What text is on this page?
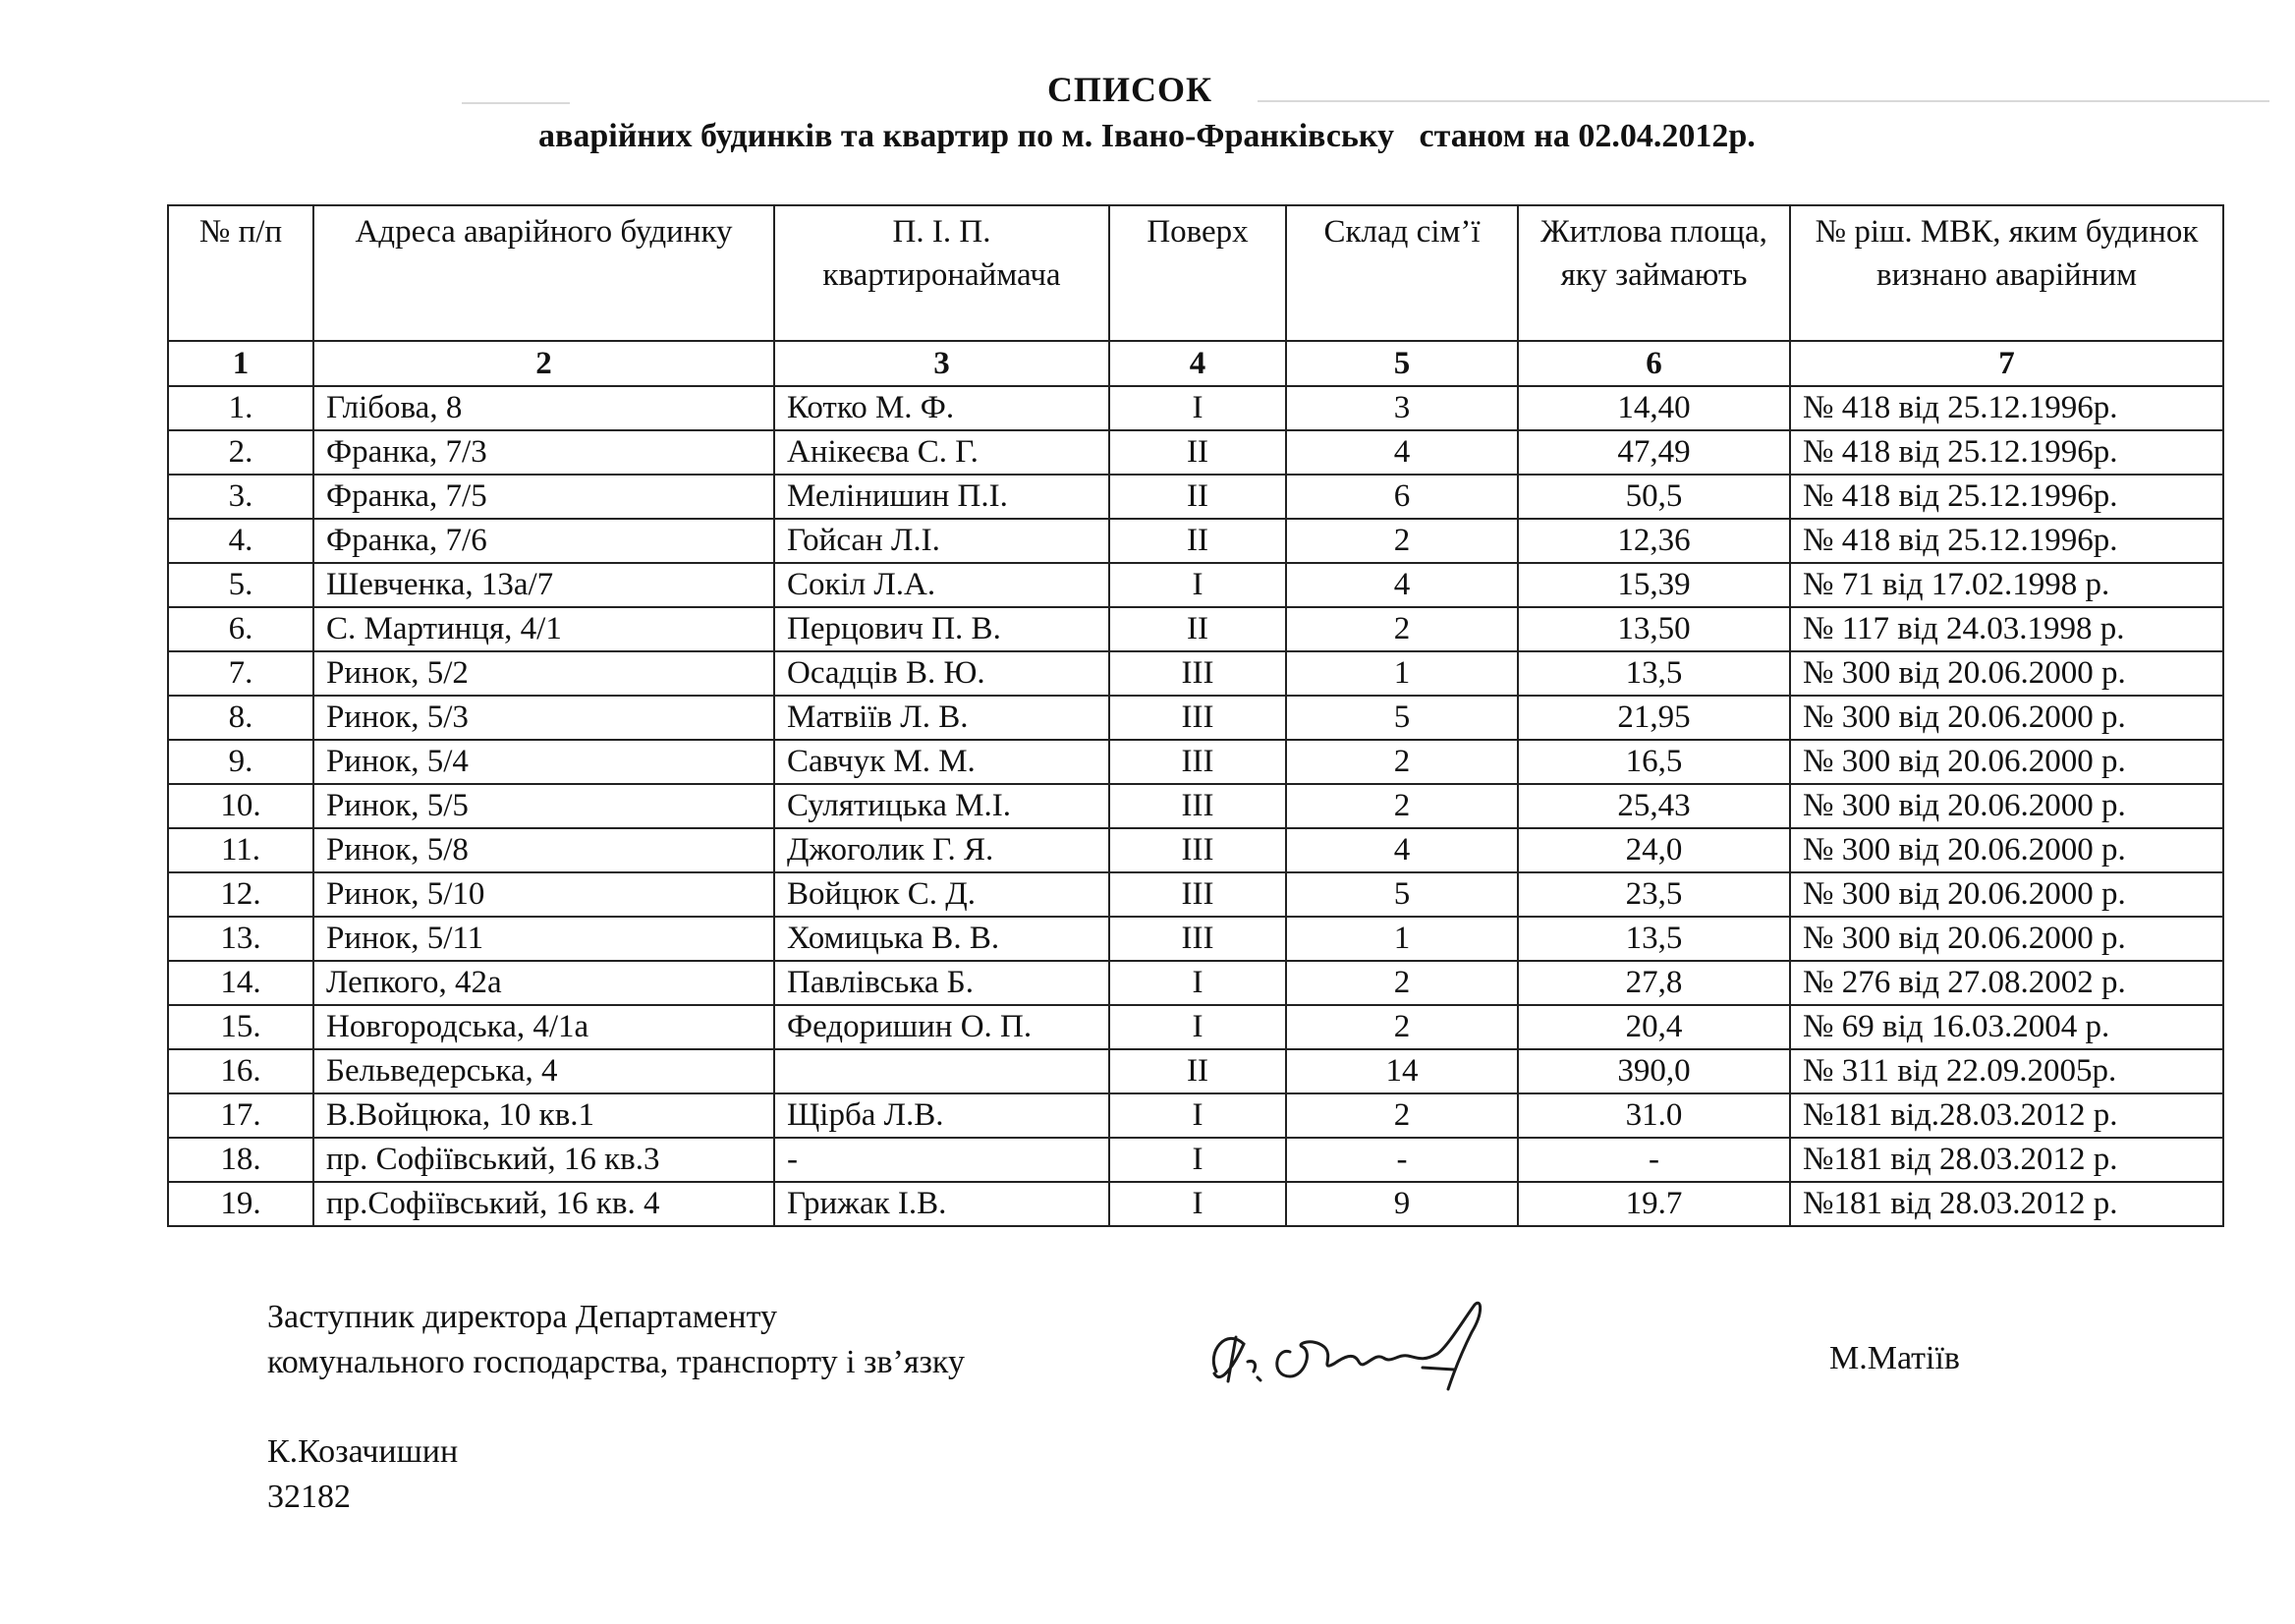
СПИСОК
аварійних будинків та квартир по м. Івано-Франківську   станом на 02.04.2012р.
№ п/п	Адреса аварійного будинку	П. І. П. квартиронаймача	Поверх	Склад сім’ї	Житлова площа, яку займають	№ ріш. МВК, яким будинок визнано аварійним
1	2	3	4	5	6	7
1.	Глібова, 8	Котко М. Ф.	I	3	14,40	№ 418 від 25.12.1996р.
2.	Франка, 7/3	Анікеєва С. Г.	II	4	47,49	№ 418 від 25.12.1996р.
3.	Франка, 7/5	Мелінишин П.І.	II	6	50,5	№ 418 від 25.12.1996р.
4.	Франка, 7/6	Гойсан Л.І.	II	2	12,36	№ 418 від 25.12.1996р.
5.	Шевченка, 13а/7	Сокіл Л.А.	I	4	15,39	№ 71 від 17.02.1998 р.
6.	С. Мартинця, 4/1	Перцович П. В.	II	2	13,50	№ 117 від 24.03.1998 р.
7.	Ринок, 5/2	Осадців В. Ю.	III	1	13,5	№ 300 від 20.06.2000 р.
8.	Ринок, 5/3	Матвіїв Л. В.	III	5	21,95	№ 300 від 20.06.2000 р.
9.	Ринок, 5/4	Савчук М. М.	III	2	16,5	№ 300 від 20.06.2000 р.
10.	Ринок, 5/5	Сулятицька М.І.	III	2	25,43	№ 300 від 20.06.2000 р.
11.	Ринок, 5/8	Джоголик Г. Я.	III	4	24,0	№ 300 від 20.06.2000 р.
12.	Ринок, 5/10	Войцюк С. Д.	III	5	23,5	№ 300 від 20.06.2000 р.
13.	Ринок, 5/11	Хомицька В. В.	III	1	13,5	№ 300 від 20.06.2000 р.
14.	Лепкого, 42а	Павлівська Б.	I	2	27,8	№ 276 від 27.08.2002 р.
15.	Новгородська, 4/1а	Федоришин О. П.	I	2	20,4	№ 69 від 16.03.2004 р.
16.	Бельведерська, 4		II	14	390,0	№ 311 від 22.09.2005р.
17.	В.Войцюка, 10 кв.1	Щірба Л.В.	I	2	31.0	№181 від.28.03.2012 р.
18.	пр. Софіївський, 16 кв.3	-	I	-	-	№181 від 28.03.2012 р.
19.	пр.Софіївський, 16 кв. 4	Грижак І.В.	I	9	19.7	№181 від 28.03.2012 р.
Заступник директора Департаменту
комунального господарства, транспорту і зв’язку	М.Матіїв
К.Козачишин
32182
